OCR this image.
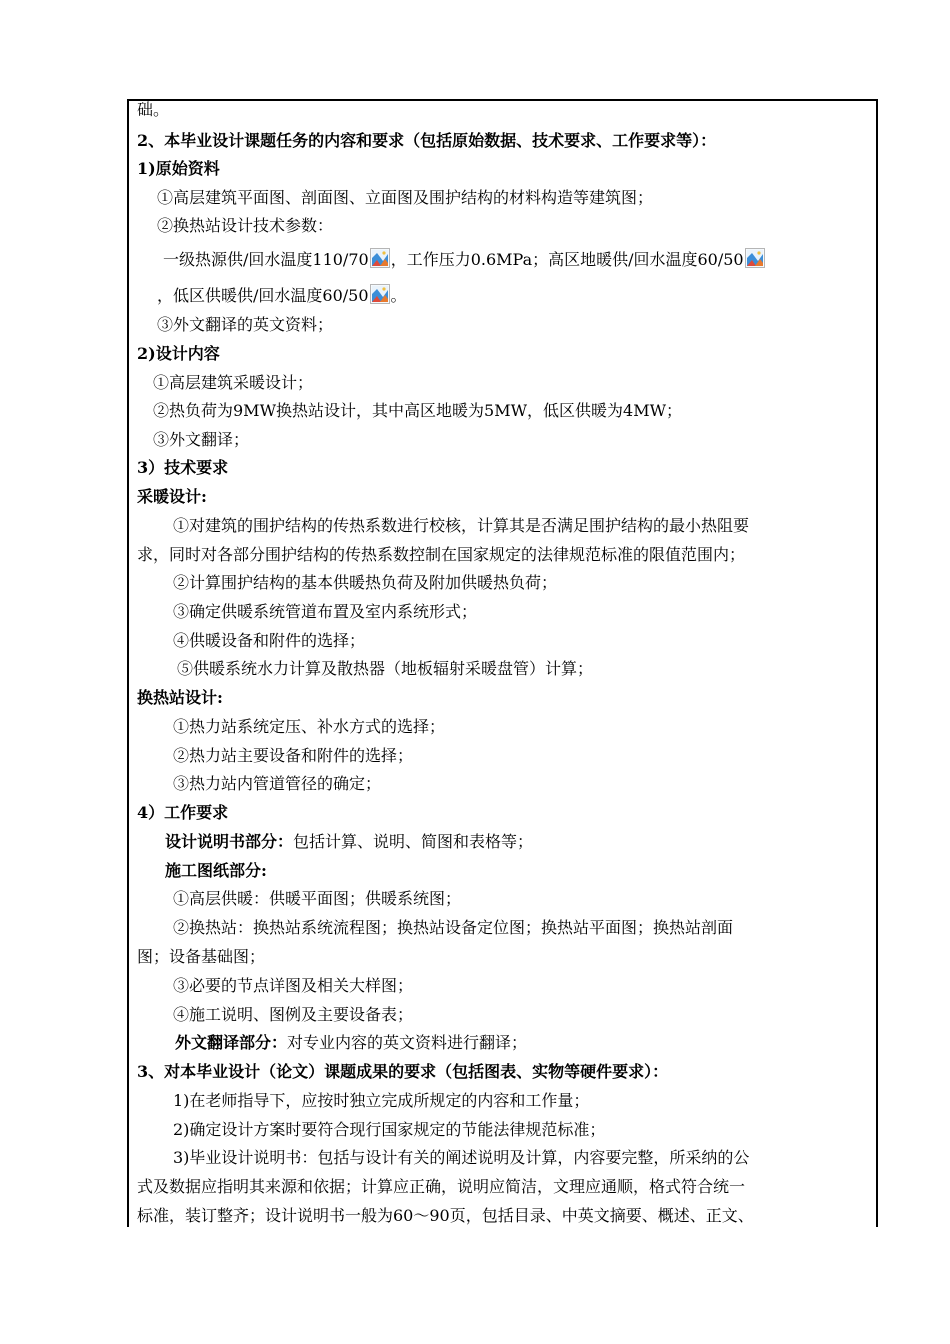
础。
2、本毕业设计课题任务的内容和要求（包括原始数据、技术要求、工作要求等）：
1)原始资料
①高层建筑平面图、剖面图、立面图及围护结构的材料构造等建筑图；
②换热站设计技术参数：
一级热源供/回水温度110/70 ，工作压力0.6MPa；高区地暖供/回水温度60/50
，低区供暖供/回水温度60/50 。
③外文翻译的英文资料；
2)设计内容
①高层建筑采暖设计；
②热负荷为9MW换热站设计，其中高区地暖为5MW，低区供暖为4MW；
③外文翻译；
3）技术要求
采暖设计:
①对建筑的围护结构的传热系数进行校核，计算其是否满足围护结构的最小热阻要
求，同时对各部分围护结构的传热系数控制在国家规定的法律规范标准的限值范围内；
②计算围护结构的基本供暖热负荷及附加供暖热负荷；
③确定供暖系统管道布置及室内系统形式；
④供暖设备和附件的选择；
⑤供暖系统水力计算及散热器（地板辐射采暖盘管）计算；
换热站设计:
①热力站系统定压、补水方式的选择；
②热力站主要设备和附件的选择；
③热力站内管道管径的确定；
4）工作要求
设计说明书部分：包括计算、说明、简图和表格等；
施工图纸部分:
①高层供暖：供暖平面图；供暖系统图；
②换热站：换热站系统流程图；换热站设备定位图；换热站平面图；换热站剖面
图；设备基础图；
③必要的节点详图及相关大样图；
④施工说明、图例及主要设备表；
外文翻译部分：对专业内容的英文资料进行翻译；
3、对本毕业设计（论文）课题成果的要求（包括图表、实物等硬件要求）：
1)在老师指导下，应按时独立完成所规定的内容和工作量；
2)确定设计方案时要符合现行国家规定的节能法律规范标准；
3)毕业设计说明书：包括与设计有关的阐述说明及计算，内容要完整，所采纳的公
式及数据应指明其来源和依据；计算应正确，说明应简洁，文理应通顺，格式符合统一
标准，装订整齐；设计说明书一般为60～90页，包括目录、中英文摘要、概述、正文、
